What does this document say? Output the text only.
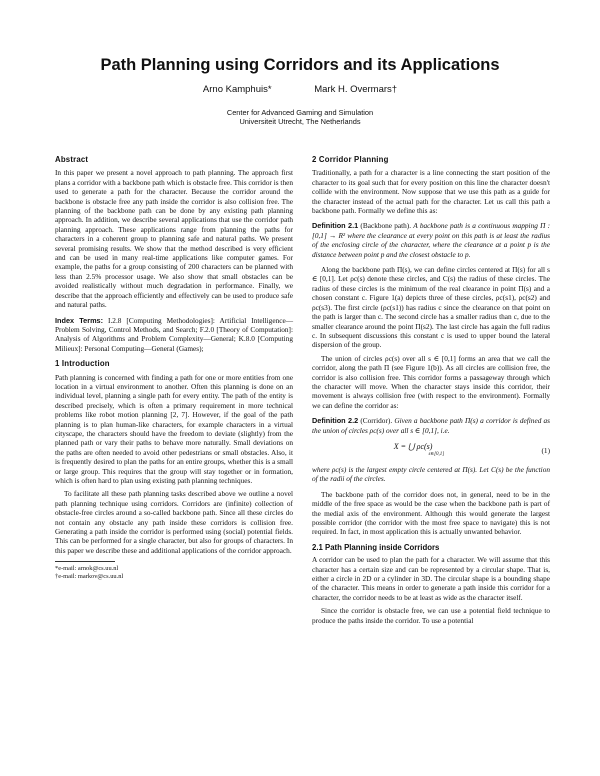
Path Planning using Corridors and its Applications
Arno Kamphuis*	Mark H. Overmars†
Center for Advanced Gaming and Simulation
Universiteit Utrecht, The Netherlands
Abstract

In this paper we present a novel approach to path planning. The approach first plans a corridor with a backbone path which is obstacle free. This corridor is then used to generate a path for the character. Because the corridor around the backbone is obstacle free any path inside the corridor is also collision free. The planning of the backbone path can be done by any existing path planning approach. In addition, we describe several applications that use the corridor path planning approach. These applications range from planning the paths for characters in a coherent group to planning safe and natural paths. We present several promising results. We show that the method described is very efficient and can be used in many real-time applications like computer games. For example, the paths for a group consisting of 200 characters can be planned with less than 2.5% processor usage. We also show that small obstacles can be avoided realistically without much degradation in performance. Finally, we describe that the approach efficiently and effectively can be used to produce safe and natural paths.

Index Terms: I.2.8 [Computing Methodologies]: Artificial Intelligence—Problem Solving, Control Methods, and Search; F.2.0 [Theory of Computation]: Analysis of Algorithms and Problem Complexity—General; K.8.0 [Computing Milieux]: Personal Computing—General (Games);

1 Introduction

Path planning is concerned with finding a path for one or more entities from one location in a virtual environment to another. Often this planning is done on an individual level, planning a single path for every entity. The path of the entity is described precisely, which is often a primary requirement in more technical problems like robot motion planning [2, 7]. However, if the goal of the path planning is to plan human-like characters, for example characters in a virtual cityscape, the characters should have the freedom to deviate (slightly) from the planned path or vary their paths to behave more naturally. Small deviations on the paths are often needed to avoid other pedestrians or small obstacles. Also, it is frequently desired to plan the paths for an entire groups, whether this is a small or large group. This requires that the group will stay together or in formation, which is often hard to plan using existing path planning techniques.

To facilitate all these path planning tasks described above we outline a novel path planning technique using corridors. Corridors are (infinite) collection of obstacle-free circles around a so-called backbone path. Since all these circles do not contain any obstacle any path inside these corridors is collision free. Generating a path inside the corridor is performed using (social) potential fields. This can be performed for a single character, but also for groups of characters. In this paper we describe these and additional applications of the corridor approach.

*e-mail: arnok@cs.uu.nl
†e-mail: markov@cs.uu.nl
2 Corridor Planning

Traditionally, a path for a character is a line connecting the start position of the character to its goal such that for every position on this line the character doesn't collide with the environment. Now suppose that we use this path as a guide for the character instead of the actual path for the character. Let us call this path a backbone path. Formally we define this as:

Definition 2.1 (Backbone path). A backbone path is a continuous mapping Π : [0,1] → R² where the clearance at every point on this path is at least the radius of the enclosing circle of the character, where the clearance at a point p is the distance between point p and the closest obstacle to p.

Along the backbone path Π(s), we can define circles centered at Π(s) for all s ∈ [0,1]. Let ρc(s) denote these circles, and C(s) the radius of these circles. The radius of these circles is the minimum of the real clearance in point Π(s) and a chosen constant c. Figure 1(a) depicts three of these circles, ρc(s1), ρc(s2) and ρc(s3). The first circle (ρc(s1)) has radius c since the clearance on that point on the path is larger than c. The second circle has a smaller radius than c, due to the smaller clearance around the point Π(s2). The last circle has again the full radius c. In subsequent discussions this constant c is used to upper bound the lateral dispersion of the group.

The union of circles ρc(s) over all s ∈ [0,1] forms an area that we call the corridor, along the path Π (see Figure 1(b)). As all circles are collision free, the corridor is also collision free. This corridor forms a passageway through which the character will move. When the character stays inside this corridor, their movement is always collision free (with respect to the environment). Formally we can define the corridor as:

Definition 2.2 (Corridor). Given a backbone path Π(s) a corridor is defined as the union of circles ρc(s) over all s ∈ [0,1], i.e.

X = ⋃ ρc(s) $_{s\in[0,1]}$	(1)

where ρc(s) is the largest empty circle centered at Π(s). Let C(s) be the function of the radii of the circles.

The backbone path of the corridor does not, in general, need to be in the middle of the free space as would be the case when the backbone path is part of the medial axis of the environment. Although this would generate the largest possible corridor (the corridor with the most free space to navigate) this is not required. In fact, in most application this is actually unwanted behavior.

2.1 Path Planning inside Corridors

A corridor can be used to plan the path for a character. We will assume that this character has a certain size and can be represented by a circular shape. That is, either a circle in 2D or a cylinder in 3D. The circular shape is a bounding shape of the character. This means in order to generate a path inside this corridor for a character, the corridor needs to be at least as wide as the character itself.

Since the corridor is obstacle free, we can use a potential field technique to produce the paths inside the corridor. To use a potential
